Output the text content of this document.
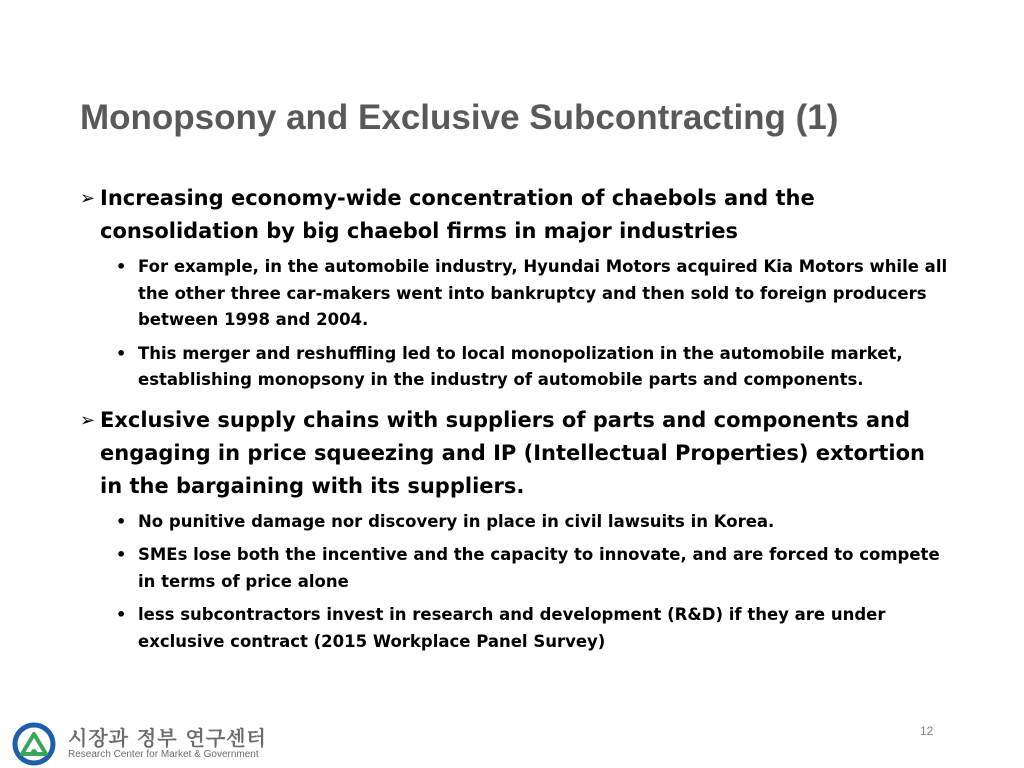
Monopsony and Exclusive Subcontracting (1)
➢ Increasing economy-wide concentration of chaebols and the consolidation by big chaebol firms in major industries
• For example, in the automobile industry, Hyundai Motors acquired Kia Motors while all the other three car-makers went into bankruptcy and then sold to foreign producers between 1998 and 2004.
• This merger and reshuffling led to local monopolization in the automobile market, establishing monopsony in the industry of automobile parts and components.
➢ Exclusive supply chains with suppliers of parts and components and engaging in price squeezing and IP (Intellectual Properties) extortion in the bargaining with its suppliers.
• No punitive damage nor discovery in place in civil lawsuits in Korea.
• SMEs lose both the incentive and the capacity to innovate, and are forced to compete in terms of price alone
• less subcontractors invest in research and development (R&D) if they are under exclusive contract (2015 Workplace Panel Survey)
12
시장과 정부 연구센터
Research Center for Market & Government
